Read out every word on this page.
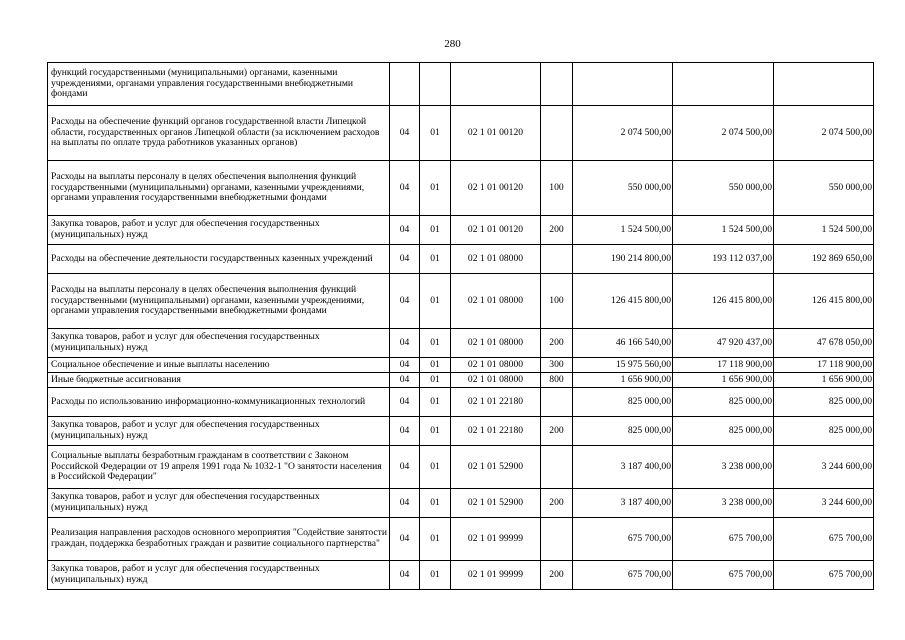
280
функций государственными (муниципальными) органами, казенными учреждениями, органами управления государственными внебюджетными фондами							
Расходы на обеспечение функций органов государственной власти Липецкой области, государственных органов Липецкой области (за исключением расходов на выплаты по оплате труда работников указанных органов)	04	01	02 1 01 00120		2 074 500,00	2 074 500,00	2 074 500,00
Расходы на выплаты персоналу в целях обеспечения выполнения функций государственными (муниципальными) органами, казенными учреждениями, органами управления государственными внебюджетными фондами	04	01	02 1 01 00120	100	550 000,00	550 000,00	550 000,00
Закупка товаров, работ и услуг для обеспечения государственных (муниципальных) нужд	04	01	02 1 01 00120	200	1 524 500,00	1 524 500,00	1 524 500,00
Расходы на обеспечение деятельности государственных казенных учреждений	04	01	02 1 01 08000		190 214 800,00	193 112 037,00	192 869 650,00
Расходы на выплаты персоналу в целях обеспечения выполнения функций государственными (муниципальными) органами, казенными учреждениями, органами управления государственными внебюджетными фондами	04	01	02 1 01 08000	100	126 415 800,00	126 415 800,00	126 415 800,00
Закупка товаров, работ и услуг для обеспечения государственных (муниципальных) нужд	04	01	02 1 01 08000	200	46 166 540,00	47 920 437,00	47 678 050,00
Социальное обеспечение и иные выплаты населению	04	01	02 1 01 08000	300	15 975 560,00	17 118 900,00	17 118 900,00
Иные бюджетные ассигнования	04	01	02 1 01 08000	800	1 656 900,00	1 656 900,00	1 656 900,00
Расходы по использованию информационно-коммуникационных технологий	04	01	02 1 01 22180		825 000,00	825 000,00	825 000,00
Закупка товаров, работ и услуг для обеспечения государственных (муниципальных) нужд	04	01	02 1 01 22180	200	825 000,00	825 000,00	825 000,00
Социальные выплаты безработным гражданам в соответствии с Законом Российской Федерации от 19 апреля 1991 года № 1032-1 "О занятости населения в Российской Федерации"	04	01	02 1 01 52900		3 187 400,00	3 238 000,00	3 244 600,00
Закупка товаров, работ и услуг для обеспечения государственных (муниципальных) нужд	04	01	02 1 01 52900	200	3 187 400,00	3 238 000,00	3 244 600,00
Реализация направления расходов основного мероприятия "Содействие занятости граждан, поддержка безработных граждан и развитие социального партнерства"	04	01	02 1 01 99999		675 700,00	675 700,00	675 700,00
Закупка товаров, работ и услуг для обеспечения государственных (муниципальных) нужд	04	01	02 1 01 99999	200	675 700,00	675 700,00	675 700,00
